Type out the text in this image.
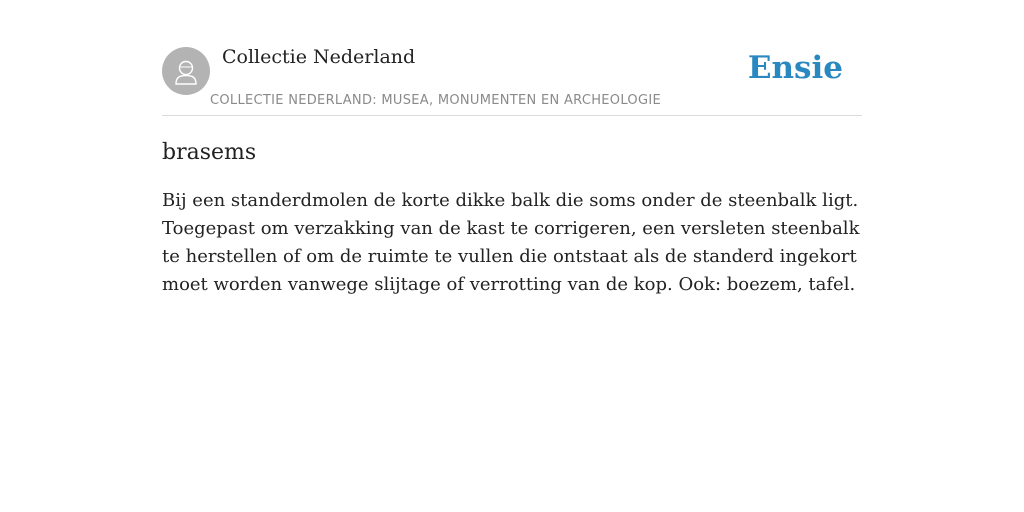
Collectie Nederland
COLLECTIE NEDERLAND: MUSEA, MONUMENTEN EN ARCHEOLOGIE
Ensie
brasems
Bij een standerdmolen de korte dikke balk die soms onder de steenbalk ligt. Toegepast om verzakking van de kast te corrigeren, een versleten steenbalk te herstellen of om de ruimte te vullen die ontstaat als de standerd ingekort moet worden vanwege slijtage of verrotting van de kop. Ook: boezem, tafel.
